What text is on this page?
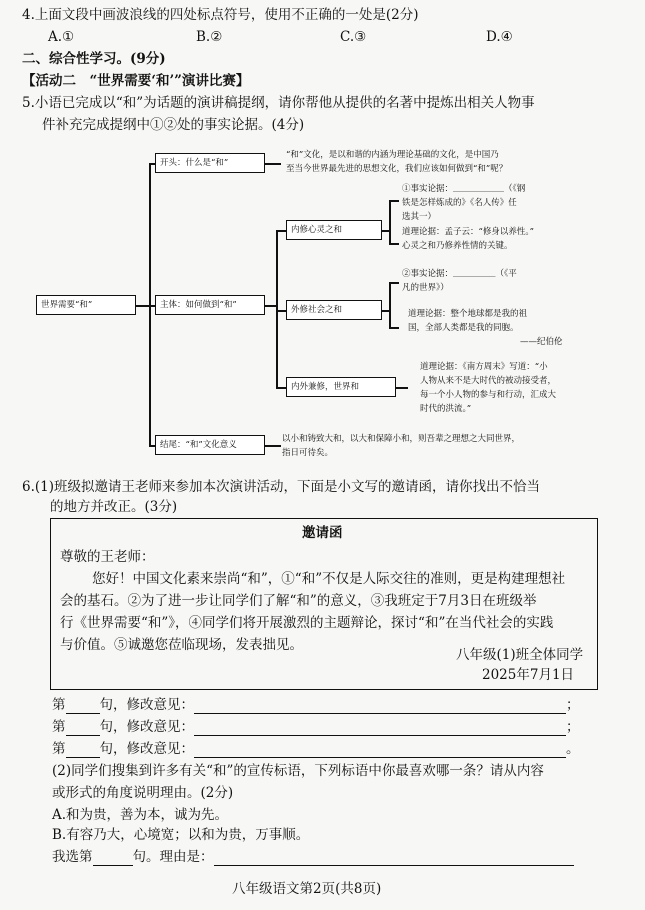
4.上面文段中画波浪线的四处标点符号，使用不正确的一处是(2分)
A.①	B.②	C.③	D.④
二、综合性学习。(9分)
【活动二　“世界需要‘和’”演讲比赛】
5.小语已完成以“和”为话题的演讲稿提纲，请你帮他从提供的名著中提炼出相关人物事
件补充完成提纲中①②处的事实论据。(4分)
世界需要“和”
开头：什么是“和”
主体：如何做到“和”
结尾：“和”文化意义
内修心灵之和
外修社会之和
内外兼修，世界和
“和”文化，是以和谐的内涵为理论基础的文化，是中国乃
至当今世界最先进的思想文化，我们应该如何做到“和”呢？
①事实论据：＿＿＿＿＿＿（《钢
铁是怎样炼成的》《名人传》任
选其一）
道理论据：孟子云：“修身以养性。”
心灵之和乃修养性情的关键。
②事实论据：＿＿＿＿＿（《平
凡的世界》）
道理论据：整个地球都是我的祖
国，全部人类都是我的同胞。
——纪伯伦
道理论据：《南方周末》写道：“小
人物从来不是大时代的被动接受者，
每一个小人物的参与和行动，汇成大
时代的洪流。”
以小和铸致大和，以大和保障小和，则吾辈之理想之大同世界，
指日可待矣。
6.(1)班级拟邀请王老师来参加本次演讲活动，下面是小文写的邀请函，请你找出不恰当
的地方并改正。(3分)
邀请函
尊敬的王老师：
您好！中国文化素来崇尚“和”，①“和”不仅是人际交往的准则，更是构建理想社
会的基石。②为了进一步让同学们了解“和”的意义，③我班定于7月3日在班级举
行《世界需要“和”》，④同学们将开展激烈的主题辩论，探讨“和”在当代社会的实践
与价值。⑤诚邀您莅临现场，发表拙见。
八年级(1)班全体同学
2025年7月1日
第	句，修改意见：	；
第	句，修改意见：	；
第	句，修改意见：	。
(2)同学们搜集到许多有关“和”的宣传标语，下列标语中你最喜欢哪一条？请从内容
或形式的角度说明理由。(2分)
A.和为贵，善为本，诚为先。
B.有容乃大，心境宽；以和为贵，万事顺。
我选第	句。理由是：
八年级语文第2页(共8页)
